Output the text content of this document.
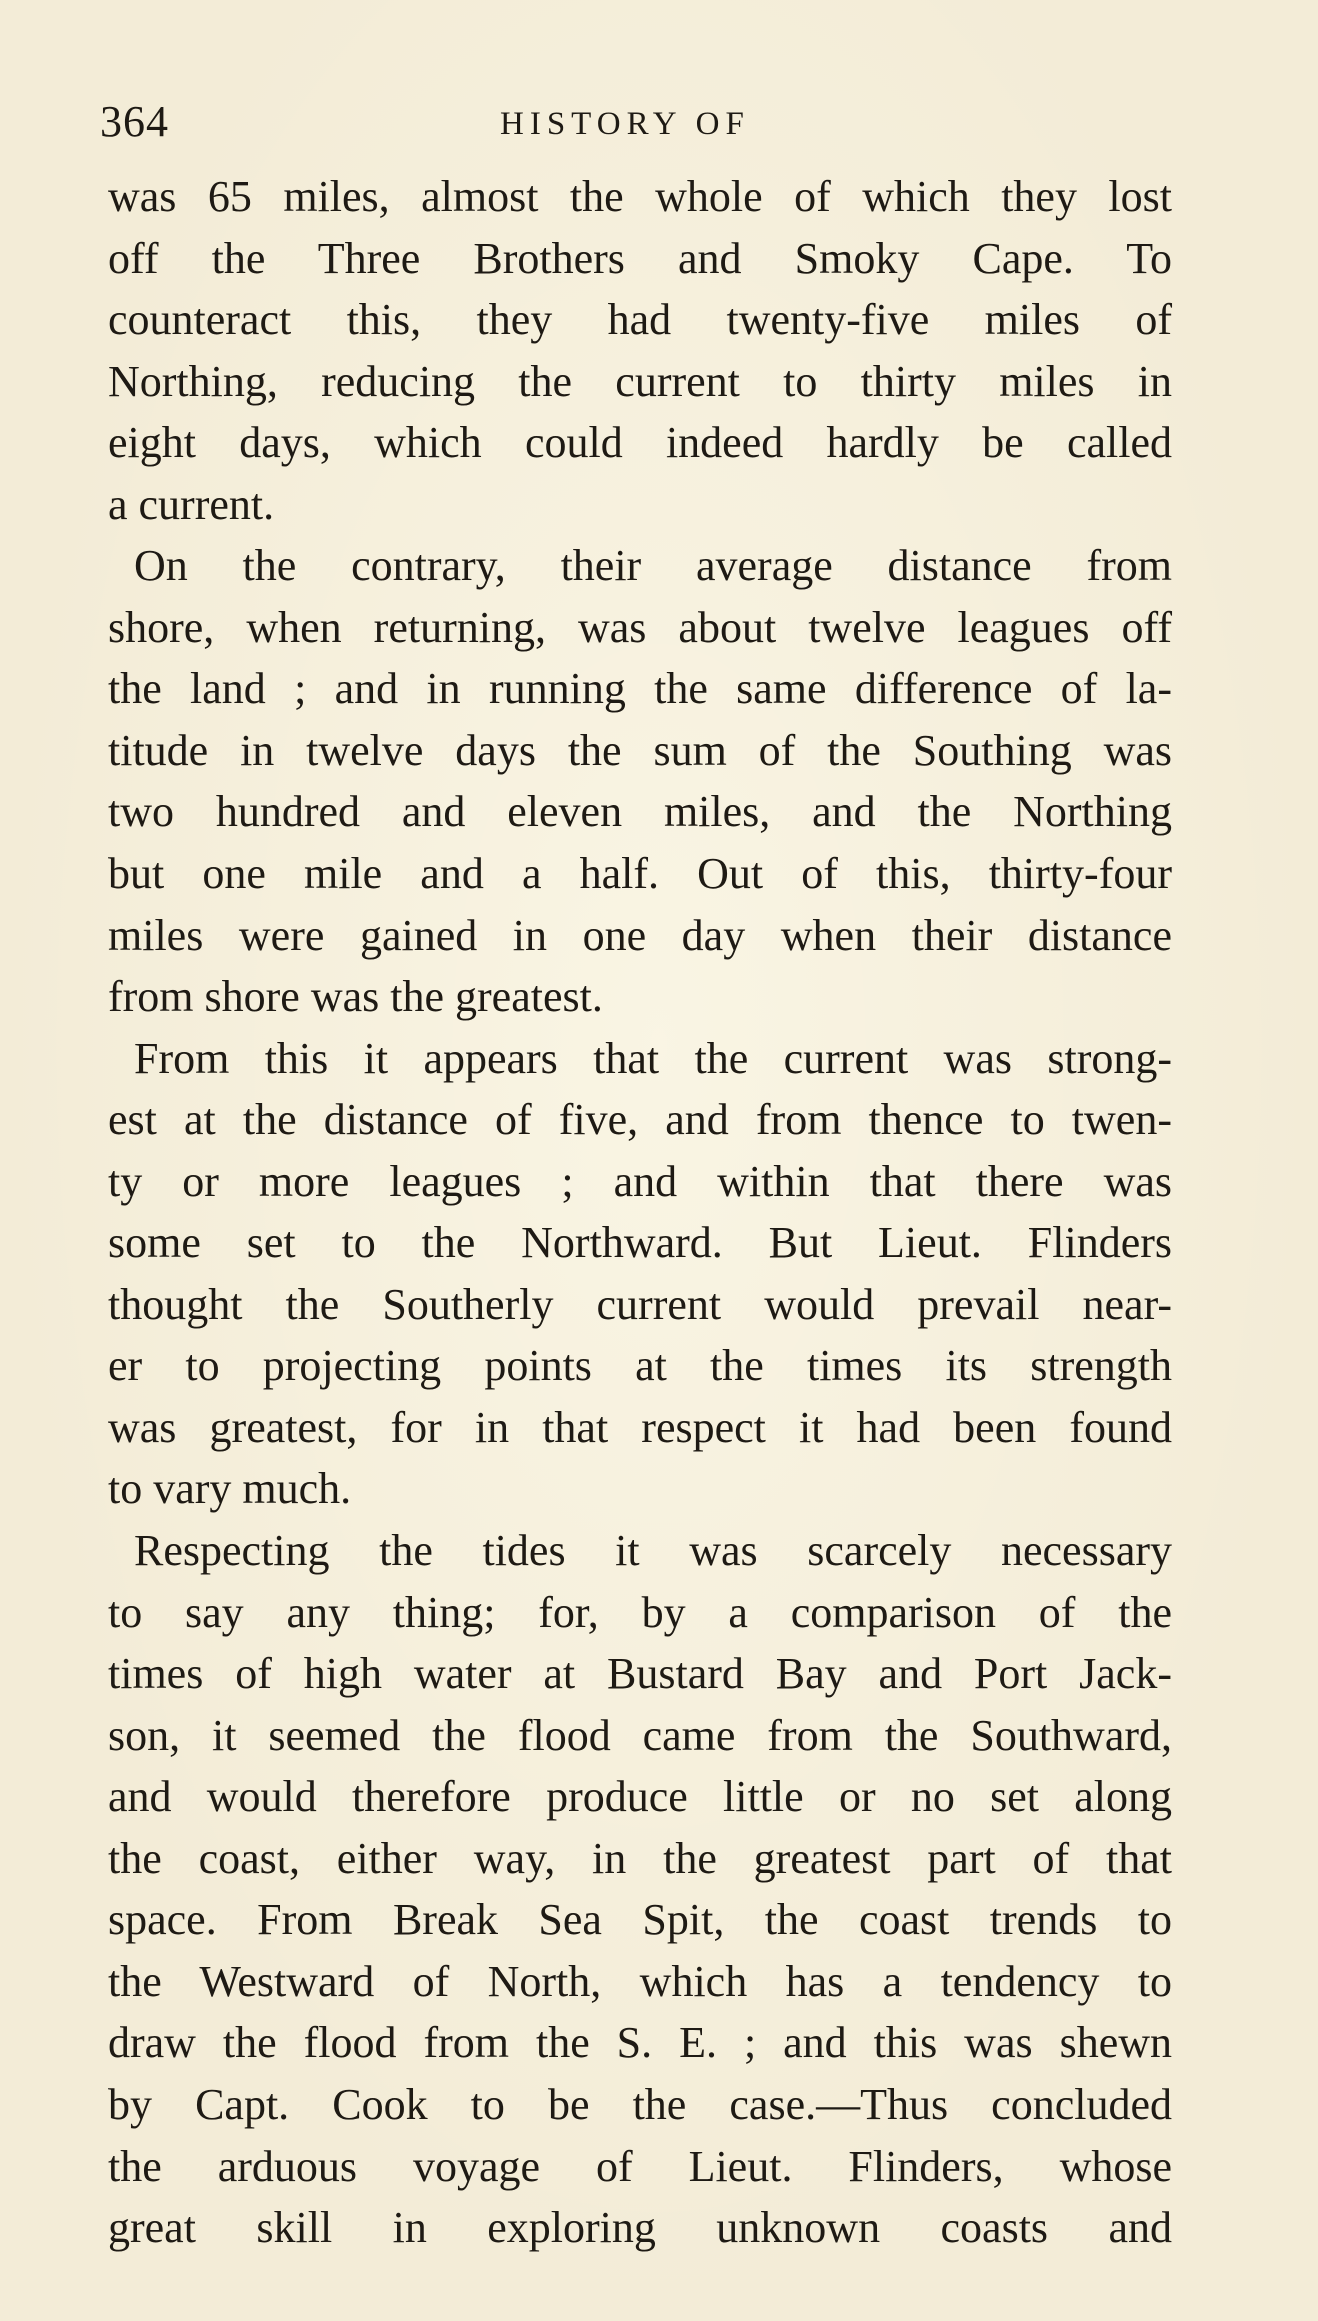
364	HISTORY OF
was 65 miles, almost the whole of which they lost
off the Three Brothers and Smoky Cape. To
counteract this, they had twenty-five miles of
Northing, reducing the current to thirty miles in
eight days, which could indeed hardly be called
a current.
On the contrary, their average distance from
shore, when returning, was about twelve leagues off
the land ; and in running the same difference of la-
titude in twelve days the sum of the Southing was
two hundred and eleven miles, and the Northing
but one mile and a half. Out of this, thirty-four
miles were gained in one day when their distance
from shore was the greatest.
From this it appears that the current was strong-
est at the distance of five, and from thence to twen-
ty or more leagues ; and within that there was
some set to the Northward. But Lieut. Flinders
thought the Southerly current would prevail near-
er to projecting points at the times its strength
was greatest, for in that respect it had been found
to vary much.
Respecting the tides it was scarcely necessary
to say any thing; for, by a comparison of the
times of high water at Bustard Bay and Port Jack-
son, it seemed the flood came from the Southward,
and would therefore produce little or no set along
the coast, either way, in the greatest part of that
space. From Break Sea Spit, the coast trends to
the Westward of North, which has a tendency to
draw the flood from the S. E. ; and this was shewn
by Capt. Cook to be the case.—Thus concluded
the arduous voyage of Lieut. Flinders, whose
great skill in exploring unknown coasts and
